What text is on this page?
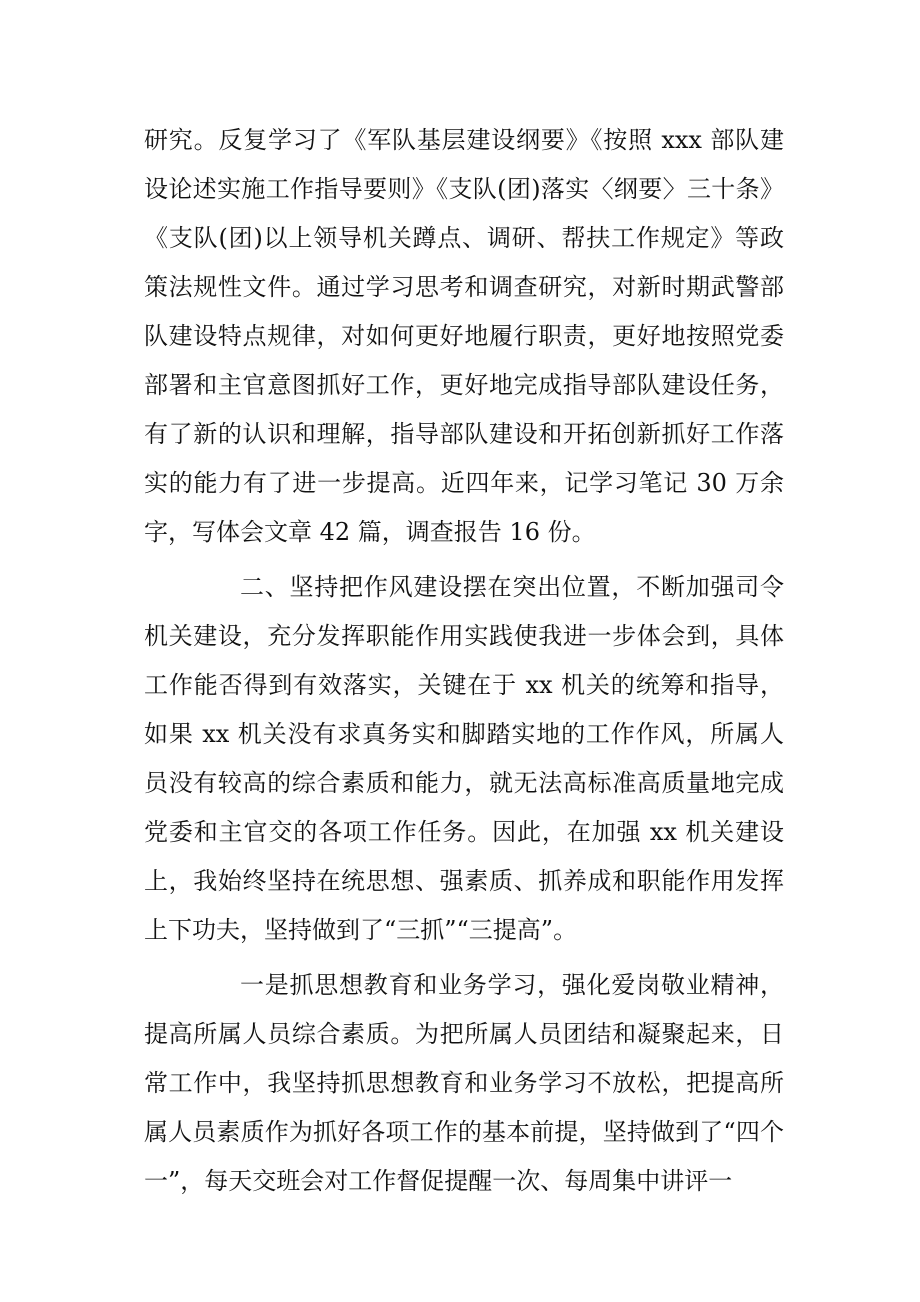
研究。反复学习了《军队基层建设纲要》《按照 xxx 部队建设论述实施工作指导要则》《支队(团)落实〈纲要〉三十条》《支队(团)以上领导机关蹲点、调研、帮扶工作规定》等政策法规性文件。通过学习思考和调查研究，对新时期武警部队建设特点规律，对如何更好地履行职责，更好地按照党委部署和主官意图抓好工作，更好地完成指导部队建设任务，有了新的认识和理解，指导部队建设和开拓创新抓好工作落实的能力有了进一步提高。近四年来，记学习笔记 30 万余字，写体会文章 42 篇，调查报告 16 份。

二、坚持把作风建设摆在突出位置，不断加强司令机关建设，充分发挥职能作用实践使我进一步体会到，具体工作能否得到有效落实，关键在于 xx 机关的统筹和指导，如果 xx 机关没有求真务实和脚踏实地的工作作风，所属人员没有较高的综合素质和能力，就无法高标准高质量地完成党委和主官交的各项工作任务。因此，在加强 xx 机关建设上，我始终坚持在统思想、强素质、抓养成和职能作用发挥上下功夫，坚持做到了“三抓”“三提高”。

一是抓思想教育和业务学习，强化爱岗敬业精神，提高所属人员综合素质。为把所属人员团结和凝聚起来，日常工作中，我坚持抓思想教育和业务学习不放松，把提高所属人员素质作为抓好各项工作的基本前提，坚持做到了“四个一”，每天交班会对工作督促提醒一次、每周集中讲评一
